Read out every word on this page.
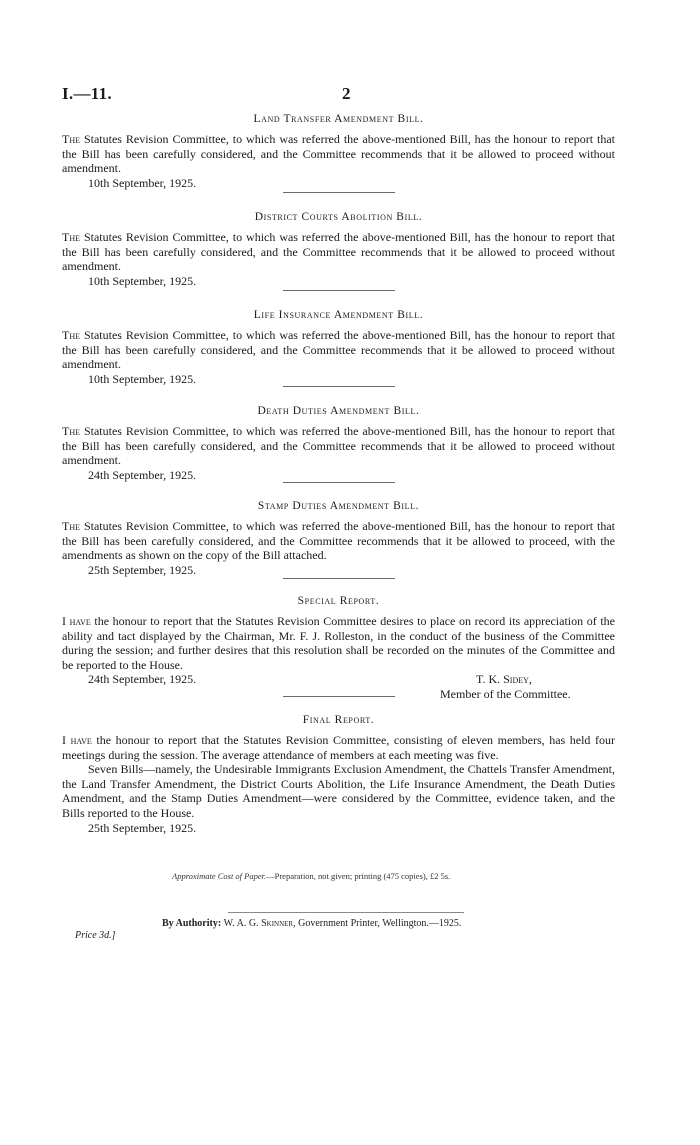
I.—11.	2

Land Transfer Amendment Bill.

The Statutes Revision Committee, to which was referred the above-mentioned Bill, has the honour to report that the Bill has been carefully considered, and the Committee recommends that it be allowed to proceed without amendment.

10th September, 1925.

District Courts Abolition Bill.

The Statutes Revision Committee, to which was referred the above-mentioned Bill, has the honour to report that the Bill has been carefully considered, and the Committee recommends that it be allowed to proceed without amendment.

10th September, 1925.

Life Insurance Amendment Bill.

The Statutes Revision Committee, to which was referred the above-mentioned Bill, has the honour to report that the Bill has been carefully considered, and the Committee recommends that it be allowed to proceed without amendment.

10th September, 1925.

Death Duties Amendment Bill.

The Statutes Revision Committee, to which was referred the above-mentioned Bill, has the honour to report that the Bill has been carefully considered, and the Committee recommends that it be allowed to proceed without amendment.

24th September, 1925.

Stamp Duties Amendment Bill.

The Statutes Revision Committee, to which was referred the above-mentioned Bill, has the honour to report that the Bill has been carefully considered, and the Committee recommends that it be allowed to proceed, with the amendments as shown on the copy of the Bill attached.

25th September, 1925.

Special Report.

I have the honour to report that the Statutes Revision Committee desires to place on record its appreciation of the ability and tact displayed by the Chairman, Mr. F. J. Rolleston, in the conduct of the business of the Committee during the session; and further desires that this resolution shall be recorded on the minutes of the Committee and be reported to the House.

24th September, 1925.	T. K. Sidey,
Member of the Committee.

Final Report.

I have the honour to report that the Statutes Revision Committee, consisting of eleven members, has held four meetings during the session. The average attendance of members at each meeting was five.

Seven Bills—namely, the Undesirable Immigrants Exclusion Amendment, the Chattels Transfer Amendment, the Land Transfer Amendment, the District Courts Abolition, the Life Insurance Amendment, the Death Duties Amendment, and the Stamp Duties Amendment—were considered by the Committee, evidence taken, and the Bills reported to the House.

25th September, 1925.

Approximate Cost of Paper.—Preparation, not given; printing (475 copies), £2 5s.
By Authority: W. A. G. Skinner, Government Printer, Wellington.—1925.
Price 3d.]
